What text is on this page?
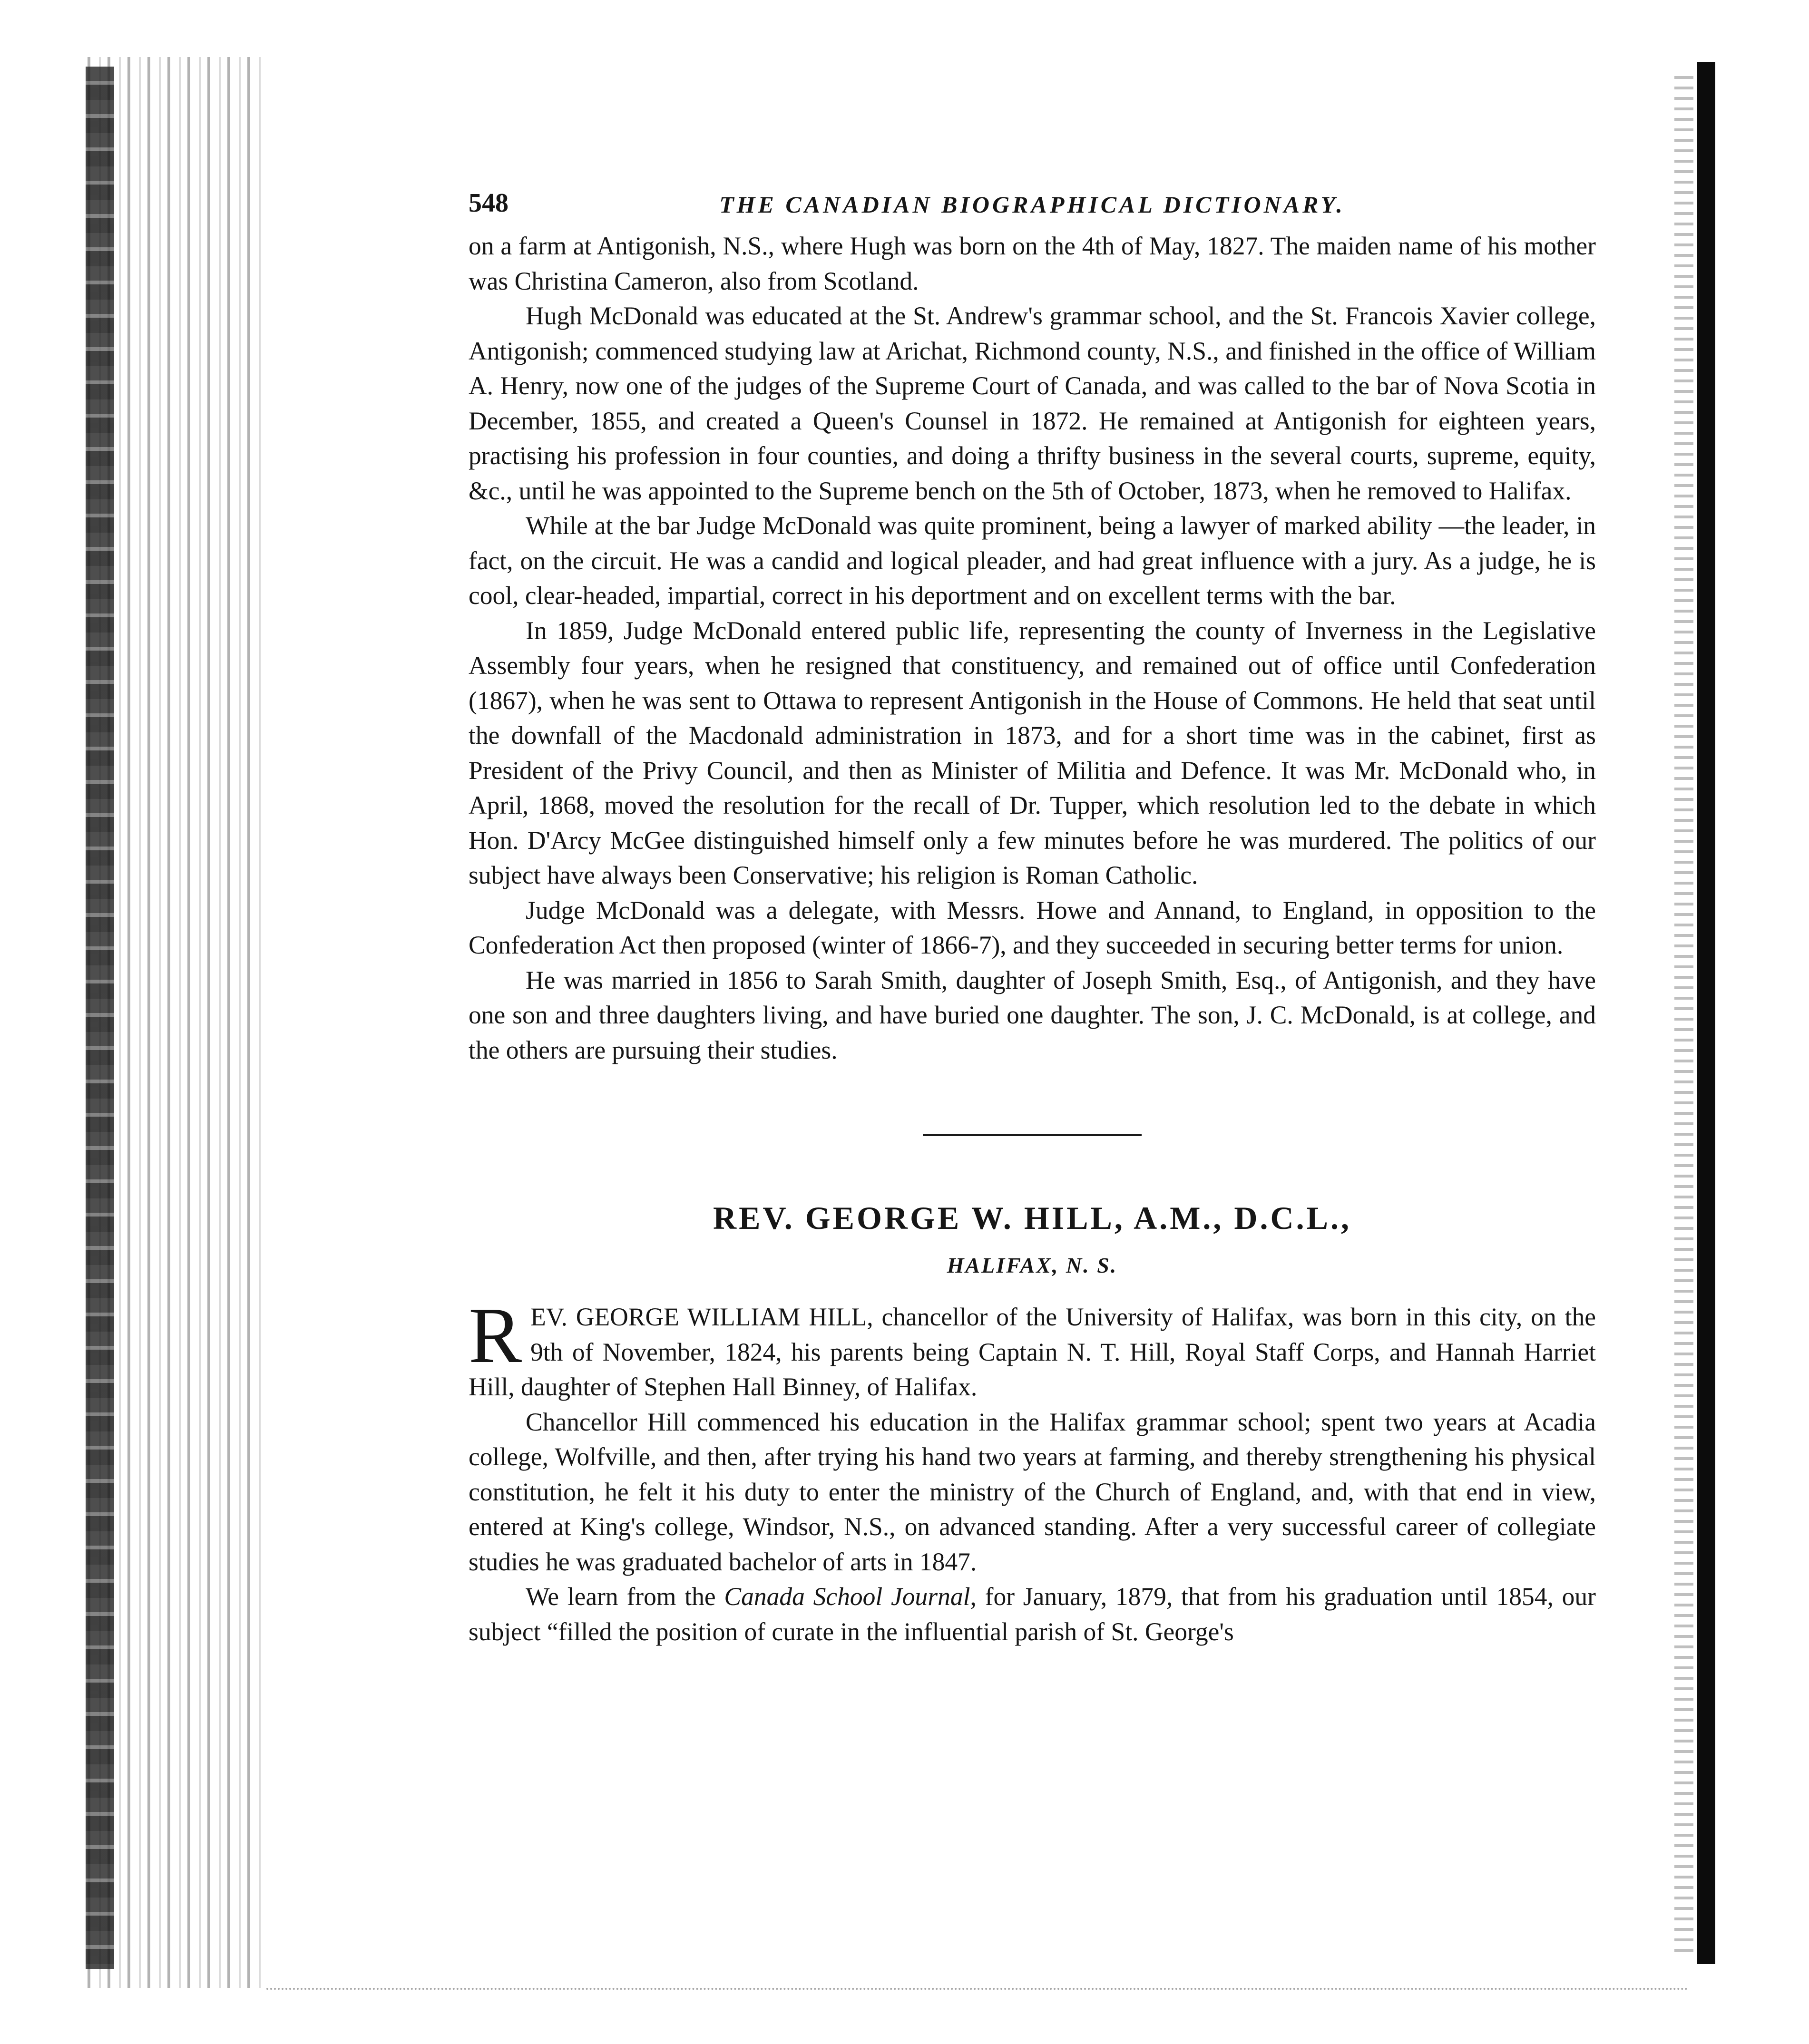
548	THE CANADIAN BIOGRAPHICAL DICTIONARY.

on a farm at Antigonish, N.S., where Hugh was born on the 4th of May, 1827. The maiden name of his mother was Christina Cameron, also from Scotland.

Hugh McDonald was educated at the St. Andrew's grammar school, and the St. Francois Xavier college, Antigonish; commenced studying law at Arichat, Richmond county, N.S., and finished in the office of William A. Henry, now one of the judges of the Supreme Court of Canada, and was called to the bar of Nova Scotia in December, 1855, and created a Queen's Counsel in 1872. He remained at Antigonish for eighteen years, practising his profession in four counties, and doing a thrifty business in the several courts, supreme, equity, &c., until he was appointed to the Supreme bench on the 5th of October, 1873, when he removed to Halifax.

While at the bar Judge McDonald was quite prominent, being a lawyer of marked ability —the leader, in fact, on the circuit. He was a candid and logical pleader, and had great influence with a jury. As a judge, he is cool, clear-headed, impartial, correct in his deportment and on excellent terms with the bar.

In 1859, Judge McDonald entered public life, representing the county of Inverness in the Legislative Assembly four years, when he resigned that constituency, and remained out of office until Confederation (1867), when he was sent to Ottawa to represent Antigonish in the House of Commons. He held that seat until the downfall of the Macdonald administration in 1873, and for a short time was in the cabinet, first as President of the Privy Council, and then as Minister of Militia and Defence. It was Mr. McDonald who, in April, 1868, moved the resolution for the recall of Dr. Tupper, which resolution led to the debate in which Hon. D'Arcy McGee distinguished himself only a few minutes before he was murdered. The politics of our subject have always been Conservative; his religion is Roman Catholic.

Judge McDonald was a delegate, with Messrs. Howe and Annand, to England, in opposition to the Confederation Act then proposed (winter of 1866-7), and they succeeded in securing better terms for union.

He was married in 1856 to Sarah Smith, daughter of Joseph Smith, Esq., of Antigonish, and they have one son and three daughters living, and have buried one daughter. The son, J. C. McDonald, is at college, and the others are pursuing their studies.

REV. GEORGE W. HILL, A.M., D.C.L.,
HALIFAX, N. S.

REV. GEORGE WILLIAM HILL, chancellor of the University of Halifax, was born in this city, on the 9th of November, 1824, his parents being Captain N. T. Hill, Royal Staff Corps, and Hannah Harriet Hill, daughter of Stephen Hall Binney, of Halifax.

Chancellor Hill commenced his education in the Halifax grammar school; spent two years at Acadia college, Wolfville, and then, after trying his hand two years at farming, and thereby strengthening his physical constitution, he felt it his duty to enter the ministry of the Church of England, and, with that end in view, entered at King's college, Windsor, N.S., on advanced standing. After a very successful career of collegiate studies he was graduated bachelor of arts in 1847.

We learn from the Canada School Journal, for January, 1879, that from his graduation until 1854, our subject “filled the position of curate in the influential parish of St. George's
